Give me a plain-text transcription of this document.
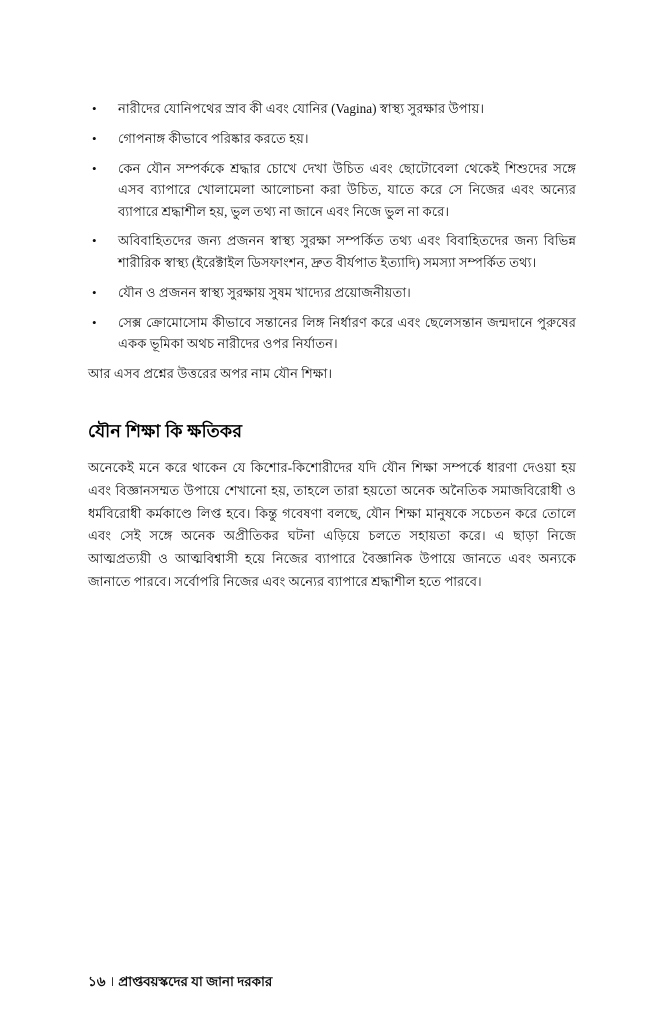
•	নারীদের যোনিপথের স্রাব কী এবং যোনির (Vagina) স্বাস্থ্য সুরক্ষার উপায়।
•	গোপনাঙ্গ কীভাবে পরিষ্কার করতে হয়।
•	কেন যৌন সম্পর্ককে শ্রদ্ধার চোখে দেখা উচিত এবং ছোটোবেলা থেকেই শিশুদের সঙ্গে এসব ব্যাপারে খোলামেলা আলোচনা করা উচিত, যাতে করে সে নিজের এবং অন্যের ব্যাপারে শ্রদ্ধাশীল হয়, ভুল তথ্য না জানে এবং নিজে ভুল না করে।
•	অবিবাহিতদের জন্য প্রজনন স্বাস্থ্য সুরক্ষা সম্পর্কিত তথ্য এবং বিবাহিতদের জন্য বিভিন্ন শারীরিক স্বাস্থ্য (ইরেক্টাইল ডিসফাংশন, দ্রুত বীর্যপাত ইত্যাদি) সমস্যা সম্পর্কিত তথ্য।
•	যৌন ও প্রজনন স্বাস্থ্য সুরক্ষায় সুষম খাদ্যের প্রয়োজনীয়তা।
•	সেক্স ক্রোমোসোম কীভাবে সন্তানের লিঙ্গ নির্ধারণ করে এবং ছেলেসন্তান জন্মদানে পুরুষের একক ভূমিকা অথচ নারীদের ওপর নির্যাতন।

আর এসব প্রশ্নের উত্তরের অপর নাম যৌন শিক্ষা।

যৌন শিক্ষা কি ক্ষতিকর

অনেকেই মনে করে থাকেন যে কিশোর-কিশোরীদের যদি যৌন শিক্ষা সম্পর্কে ধারণা দেওয়া হয় এবং বিজ্ঞানসম্মত উপায়ে শেখানো হয়, তাহলে তারা হয়তো অনেক অনৈতিক সমাজবিরোধী ও ধর্মবিরোধী কর্মকাণ্ডে লিপ্ত হবে। কিন্তু গবেষণা বলছে, যৌন শিক্ষা মানুষকে সচেতন করে তোলে এবং সেই সঙ্গে অনেক অপ্রীতিকর ঘটনা এড়িয়ে চলতে সহায়তা করে। এ ছাড়া নিজে আত্মপ্রত্যয়ী ও আত্মবিশ্বাসী হয়ে নিজের ব্যাপারে বৈজ্ঞানিক উপায়ে জানতে এবং অন্যকে জানাতে পারবে। সর্বোপরি নিজের এবং অন্যের ব্যাপারে শ্রদ্ধাশীল হতে পারবে।

১৬ । প্রাপ্তবয়স্কদের যা জানা দরকার
